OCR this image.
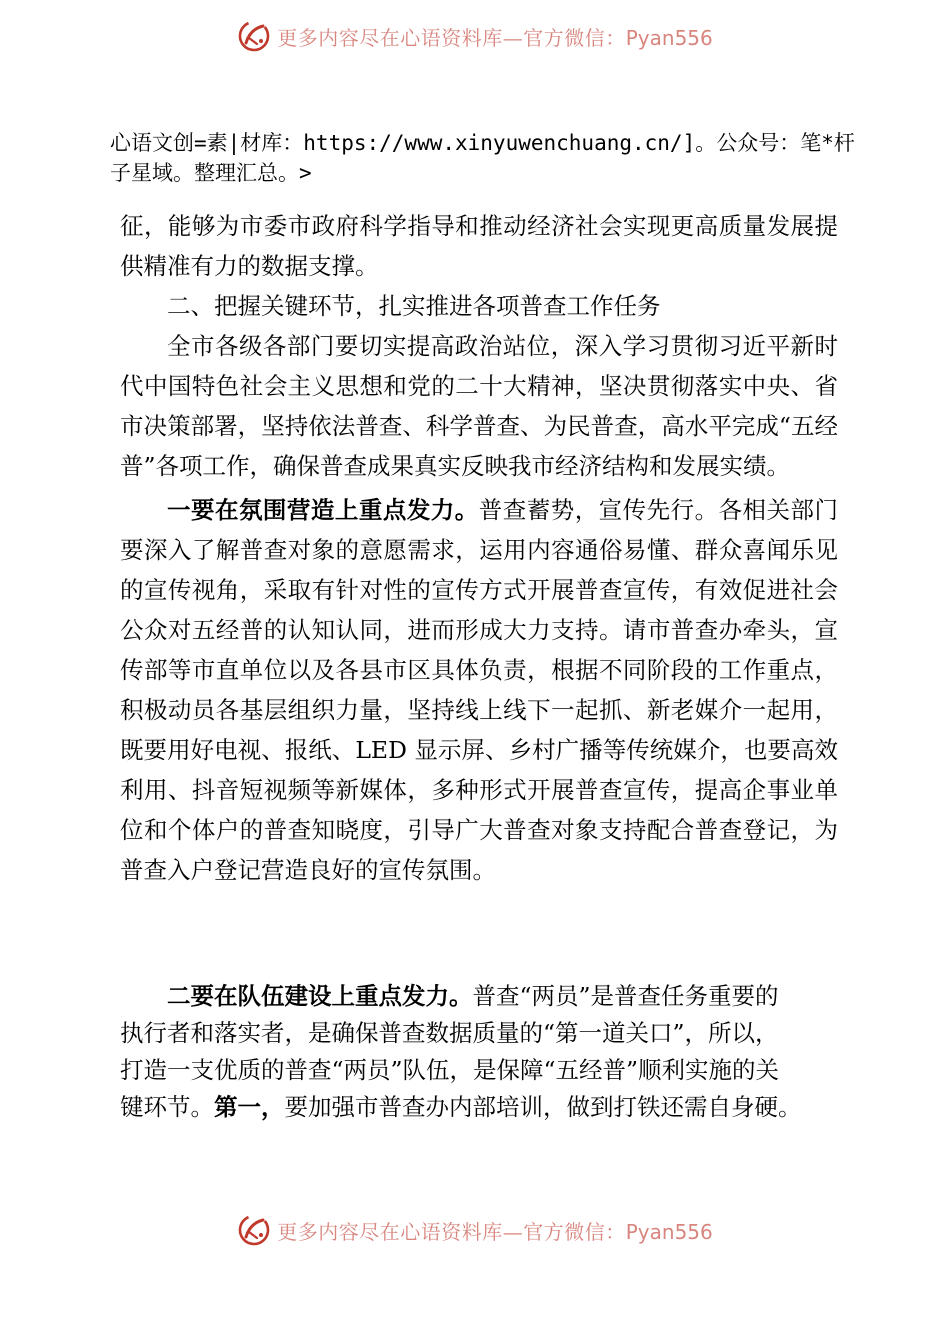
更多内容尽在心语资料库—官方微信：Pyan556
心语文创=素|材库：https://www.xinyuwenchuang.cn/]。公众号：笔*杆子星域。整理汇总。>

征，能够为市委市政府科学指导和推动经济社会实现更高质量发展提供精准有力的数据支撑。

二、把握关键环节，扎实推进各项普查工作任务

全市各级各部门要切实提高政治站位，深入学习贯彻习近平新时代中国特色社会主义思想和党的二十大精神，坚决贯彻落实中央、省市决策部署，坚持依法普查、科学普查、为民普查，高水平完成“五经普”各项工作，确保普查成果真实反映我市经济结构和发展实绩。

一要在氛围营造上重点发力。普查蓄势，宣传先行。各相关部门要深入了解普查对象的意愿需求，运用内容通俗易懂、群众喜闻乐见的宣传视角，采取有针对性的宣传方式开展普查宣传，有效促进社会公众对五经普的认知认同，进而形成大力支持。请市普查办牵头，宣传部等市直单位以及各县市区具体负责，根据不同阶段的工作重点，积极动员各基层组织力量，坚持线上线下一起抓、新老媒介一起用，既要用好电视、报纸、LED 显示屏、乡村广播等传统媒介，也要高效利用、抖音短视频等新媒体，多种形式开展普查宣传，提高企事业单位和个体户的普查知晓度，引导广大普查对象支持配合普查登记，为普查入户登记营造良好的宣传氛围。

二要在队伍建设上重点发力。普查“两员”是普查任务重要的

执行者和落实者，是确保普查数据质量的“第一道关口”，所以，

打造一支优质的普查“两员”队伍，是保障“五经普”顺利实施的关

键环节。第一，要加强市普查办内部培训，做到打铁还需自身硬。

更多内容尽在心语资料库—官方微信：Pyan556
